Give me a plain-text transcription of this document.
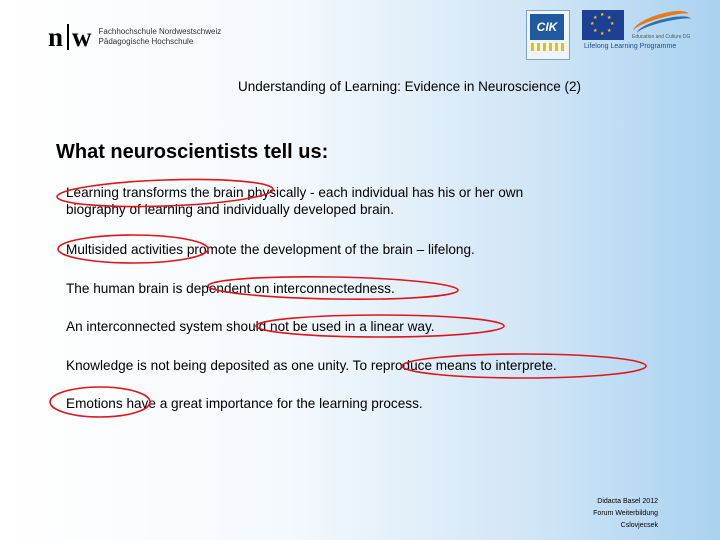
n w Fachhochschule Nordwestschweiz
Pädagogische Hochschule
CIK
★ ★
★
★
★
★
★
★
Education and Culture DG
Lifelong Learning Programme
Understanding of Learning: Evidence in Neuroscience (2)
What neuroscientists tell us:
Learning transforms the brain physically - each individual has his or her own
biography of learning and individually developed brain.
Multisided activities promote the development of the brain – lifelong.
The human brain is dependent on interconnectedness.
An interconnected system should not be used in a linear way.
Knowledge is not being deposited as one unity. To reproduce means to interprete.
Emotions have a great importance for the learning process.
Didacta Basel 2012
Forum Weiterbildung
Cslovjecsek
